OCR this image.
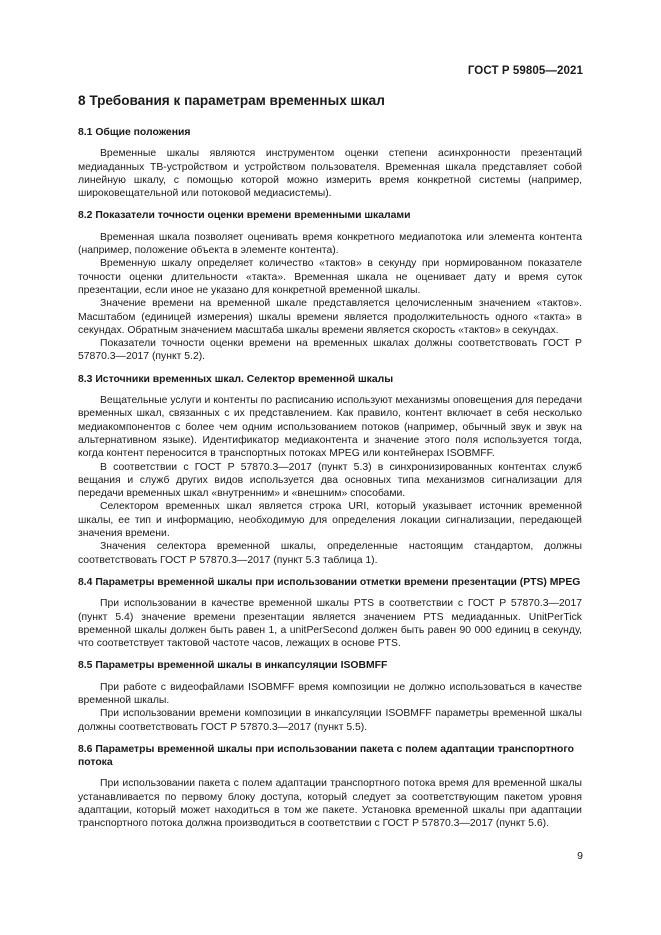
ГОСТ Р 59805—2021
8 Требования к параметрам временных шкал
8.1 Общие положения

Временные шкалы являются инструментом оценки степени асинхронности презентаций медиаданных ТВ-устройством и устройством пользователя. Временная шкала представляет собой линейную шкалу, с помощью которой можно измерить время конкретной системы (например, широковещательной или потоковой медиасистемы).

8.2 Показатели точности оценки времени временными шкалами

Временная шкала позволяет оценивать время конкретного медиапотока или элемента контента (например, положение объекта в элементе контента).

Временную шкалу определяет количество «тактов» в секунду при нормированном показателе точности оценки длительности «такта». Временная шкала не оценивает дату и время суток презентации, если иное не указано для конкретной временной шкалы.

Значение времени на временной шкале представляется целочисленным значением «тактов». Масштабом (единицей измерения) шкалы времени является продолжительность одного «такта» в секундах. Обратным значением масштаба шкалы времени является скорость «тактов» в секундах.

Показатели точности оценки времени на временных шкалах должны соответствовать ГОСТ Р 57870.3—2017 (пункт 5.2).

8.3 Источники временных шкал. Селектор временной шкалы

Вещательные услуги и контенты по расписанию используют механизмы оповещения для передачи временных шкал, связанных с их представлением. Как правило, контент включает в себя несколько медиакомпонентов с более чем одним использованием потоков (например, обычный звук и звук на альтернативном языке). Идентификатор медиаконтента и значение этого поля используется тогда, когда контент переносится в транспортных потоках MPEG или контейнерах ISOBMFF.

В соответствии с ГОСТ Р 57870.3—2017 (пункт 5.3) в синхронизированных контентах служб вещания и служб других видов используется два основных типа механизмов сигнализации для передачи временных шкал «внутренним» и «внешним» способами.

Селектором временных шкал является строка URI, который указывает источник временной шкалы, ее тип и информацию, необходимую для определения локации сигнализации, передающей значения времени.

Значения селектора временной шкалы, определенные настоящим стандартом, должны соответствовать ГОСТ Р 57870.3—2017 (пункт 5.3 таблица 1).

8.4 Параметры временной шкалы при использовании отметки времени презентации (PTS) MPEG

При использовании в качестве временной шкалы PTS в соответствии с ГОСТ Р 57870.3—2017 (пункт 5.4) значение времени презентации является значением PTS медиаданных. UnitPerTick временной шкалы должен быть равен 1, а unitPerSecond должен быть равен 90 000 единиц в секунду, что соответствует тактовой частоте часов, лежащих в основе PTS.

8.5 Параметры временной шкалы в инкапсуляции ISOBMFF

При работе с видеофайлами ISOBMFF время композиции не должно использоваться в качестве временной шкалы.

При использовании времени композиции в инкапсуляции ISOBMFF параметры временной шкалы должны соответствовать ГОСТ Р 57870.3—2017 (пункт 5.5).

8.6 Параметры временной шкалы при использовании пакета с полем адаптации транспортного потока

При использовании пакета с полем адаптации транспортного потока время для временной шкалы устанавливается по первому блоку доступа, который следует за соответствующим пакетом уровня адаптации, который может находиться в том же пакете. Установка временной шкалы при адаптации транспортного потока должна производиться в соответствии с ГОСТ Р 57870.3—2017 (пункт 5.6).

9
